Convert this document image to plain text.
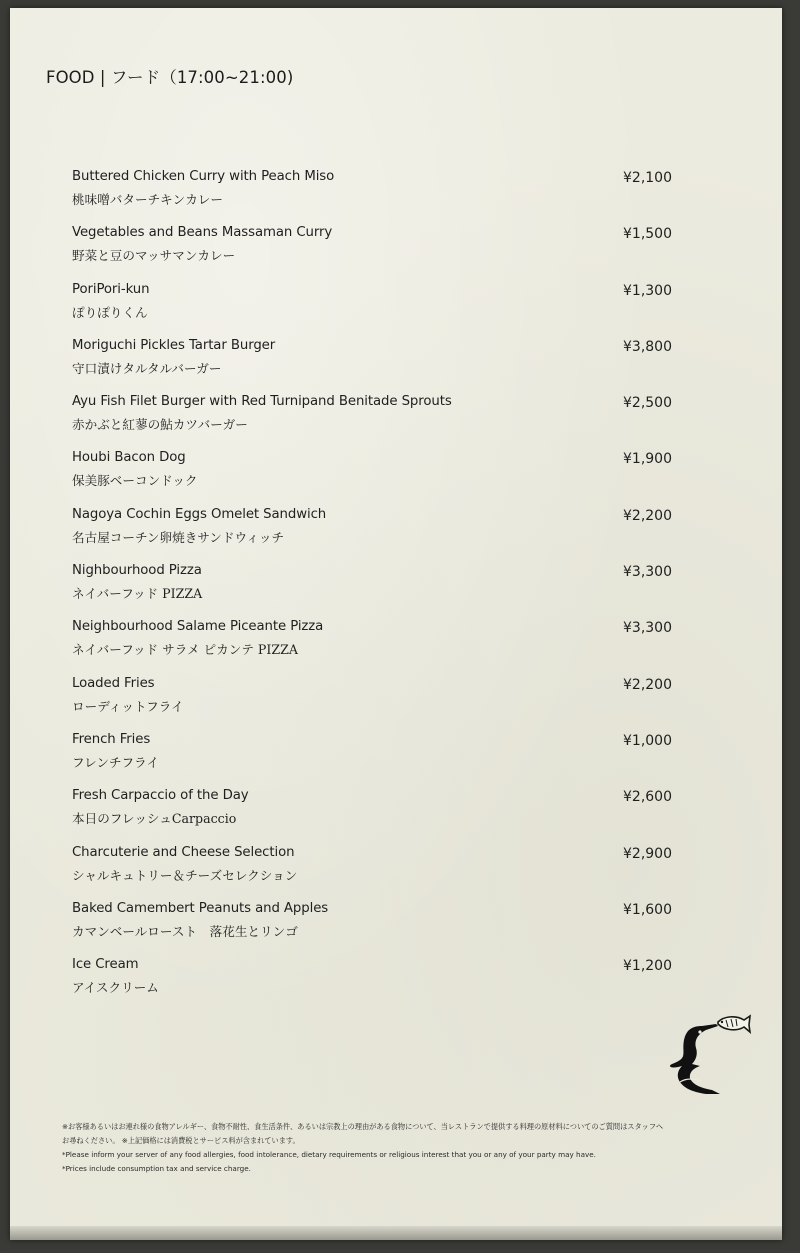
FOOD | フード（17:00~21:00)
Buttered Chicken Curry with Peach Miso
桃味噌バターチキンカレー
¥2,100
Vegetables and Beans Massaman Curry
野菜と豆のマッサマンカレー
¥1,500
PoriPori-kun
ぽりぽりくん
¥1,300
Moriguchi Pickles Tartar Burger
守口漬けタルタルバーガー
¥3,800
Ayu Fish Filet Burger with Red Turnipand Benitade Sprouts
赤かぶと紅蓼の鮎カツバーガー
¥2,500
Houbi Bacon Dog
保美豚ベーコンドック
¥1,900
Nagoya Cochin Eggs Omelet Sandwich
名古屋コーチン卵焼きサンドウィッチ
¥2,200
Nighbourhood Pizza
ネイバーフッド PIZZA
¥3,300
Neighbourhood Salame Piceante Pizza
ネイバーフッド サラメ ピカンテ PIZZA
¥3,300
Loaded Fries
ローディットフライ
¥2,200
French Fries
フレンチフライ
¥1,000
Fresh Carpaccio of the Day
本日のフレッシュCarpaccio
¥2,600
Charcuterie and Cheese Selection
シャルキュトリー＆チーズセレクション
¥2,900
Baked Camembert Peanuts and Apples
カマンベールロースト　落花生とリンゴ
¥1,600
Ice Cream
アイスクリーム
¥1,200
※お客様あるいはお連れ様の食物アレルギー、食物不耐性、食生活条件、あるいは宗教上の理由がある食物について、当レストランで提供する料理の原材料についてのご質問はスタッフへ
お尋ねください。 ※上記価格には消費税とサービス料が含まれています。
*Please inform your server of any food allergies, food intolerance, dietary requirements or religious interest that you or any of your party may have.
*Prices include consumption tax and service charge.
